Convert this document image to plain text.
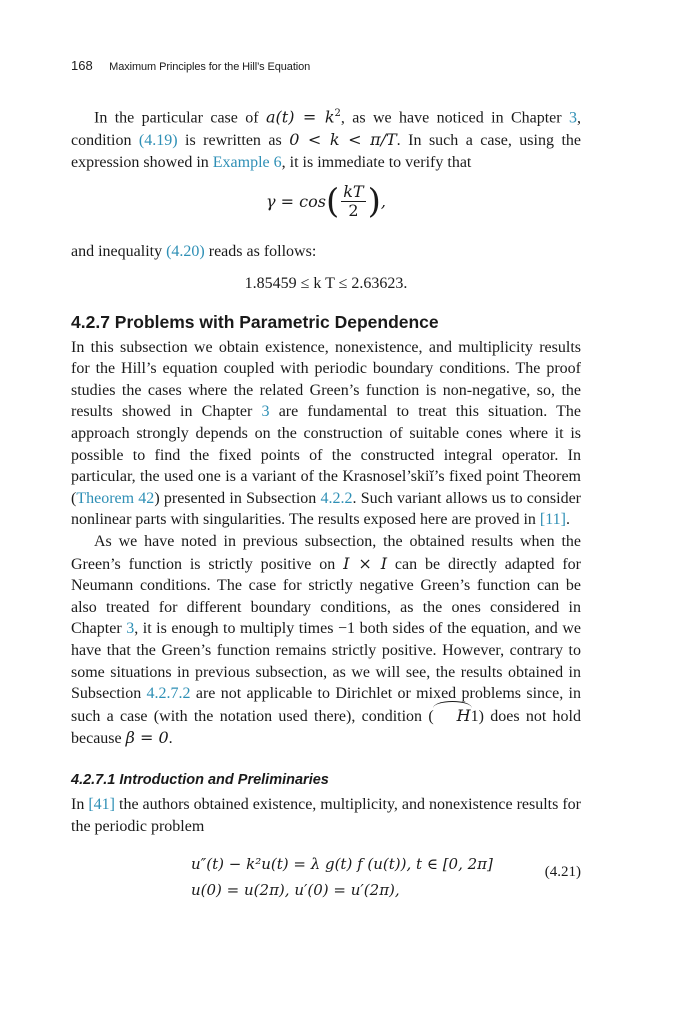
168 Maximum Principles for the Hill’s Equation

In the particular case of $a(t) = k^2$, as we have noticed in Chapter 3, condition (4.19) is rewritten as 0 < k < π/T. In such a case, using the expression showed in Example 6, it is immediate to verify that

$\gamma = \cos( \frac{kT}{2}$ ),

and inequality (4.20) reads as follows:

1.85459 ≤ k T ≤ 2.63623.
4.2.7 Problems with Parametric Dependence

In this subsection we obtain existence, nonexistence, and multiplicity results for the Hill’s equation coupled with periodic boundary conditions. The proof studies the cases where the related Green’s function is non-negative, so, the results showed in Chapter 3 are fundamental to treat this situation. The approach strongly depends on the construction of suitable cones where it is possible to find the fixed points of the constructed integral operator. In particular, the used one is a variant of the Krasnosel’skiĭ’s fixed point Theorem (Theorem 42) presented in Subsection 4.2.2. Such variant allows us to consider nonlinear parts with singularities. The results exposed here are proved in [11].

As we have noted in previous subsection, the obtained results when the Green’s function is strictly positive on I × I can be directly adapted for Neumann conditions. The case for strictly negative Green’s function can be also treated for different boundary conditions, as the ones considered in Chapter 3, it is enough to multiply times −1 both sides of the equation, and we have that the Green’s function remains strictly positive. However, contrary to some situations in previous subsection, as we will see, the results obtained in Subsection 4.2.7.2 are not applicable to Dirichlet or mixed problems since, in such a case (with the notation used there), condition ( H1) does not hold because β = 0.

4.2.7.1 Introduction and Preliminaries

In [41] the authors obtained existence, multiplicity, and nonexistence results for the periodic problem

u″(t) − k²u(t) = λ g(t) f (u(t)), t ∈ [0, 2π]
u(0) = u(2π), u′(0) = u′(2π),
(4.21)
